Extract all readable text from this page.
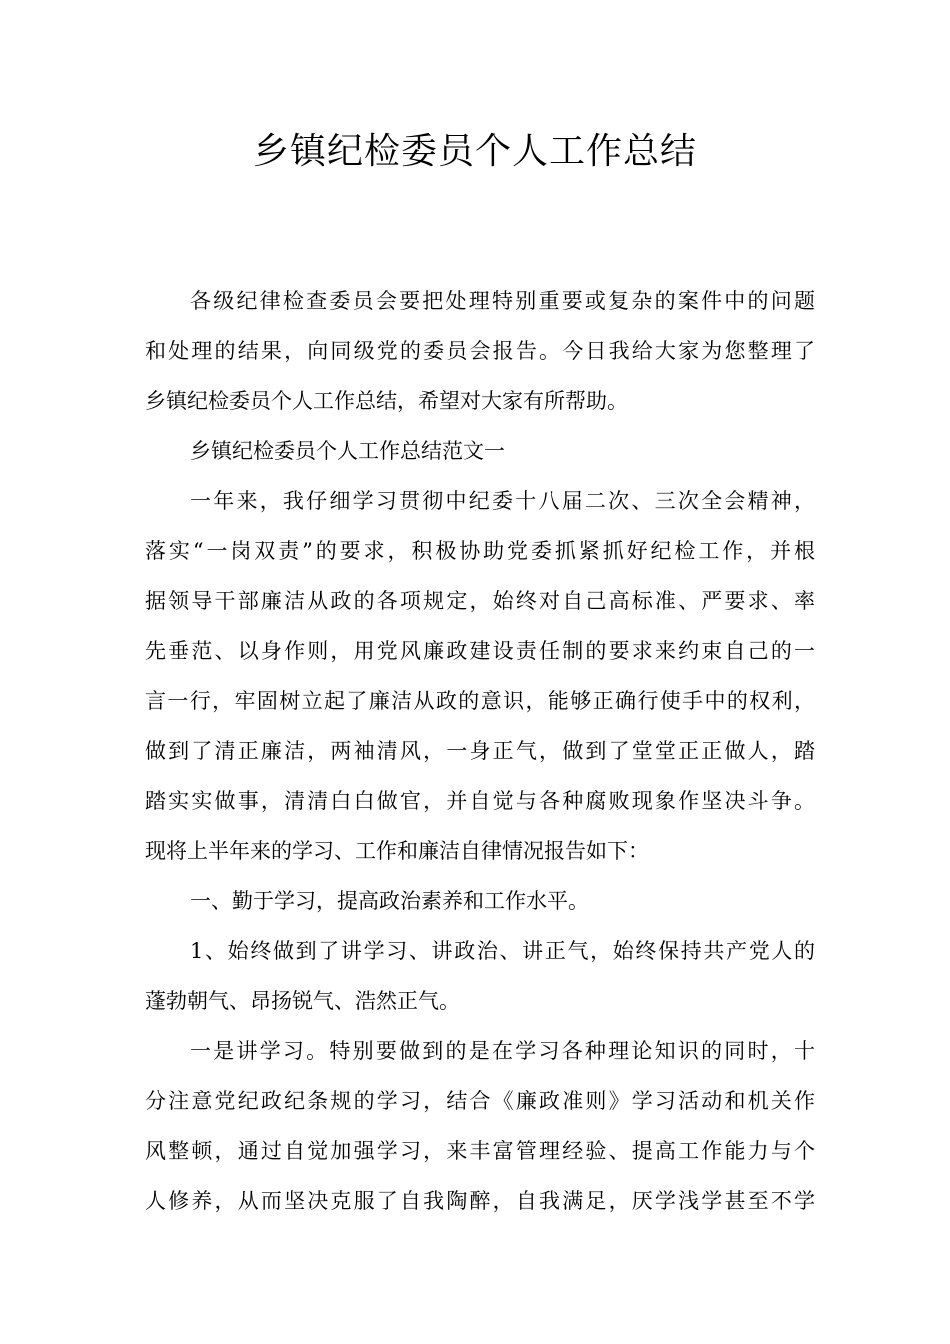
乡镇纪检委员个人工作总结
各级纪律检查委员会要把处理特别重要或复杂的案件中的问题
和处理的结果，向同级党的委员会报告。今日我给大家为您整理了
乡镇纪检委员个人工作总结，希望对大家有所帮助。
乡镇纪检委员个人工作总结范文一
一年来，我仔细学习贯彻中纪委十八届二次、三次全会精神，
落实“一岗双责”的要求，积极协助党委抓紧抓好纪检工作，并根
据领导干部廉洁从政的各项规定，始终对自己高标准、严要求、率
先垂范、以身作则，用党风廉政建设责任制的要求来约束自己的一
言一行，牢固树立起了廉洁从政的意识，能够正确行使手中的权利，
做到了清正廉洁，两袖清风，一身正气，做到了堂堂正正做人，踏
踏实实做事，清清白白做官，并自觉与各种腐败现象作坚决斗争。
现将上半年来的学习、工作和廉洁自律情况报告如下：
一、勤于学习，提高政治素养和工作水平。
1、始终做到了讲学习、讲政治、讲正气，始终保持共产党人的
蓬勃朝气、昂扬锐气、浩然正气。
一是讲学习。特别要做到的是在学习各种理论知识的同时，十
分注意党纪政纪条规的学习，结合《廉政准则》学习活动和机关作
风整顿，通过自觉加强学习，来丰富管理经验、提高工作能力与个
人修养，从而坚决克服了自我陶醉，自我满足，厌学浅学甚至不学
